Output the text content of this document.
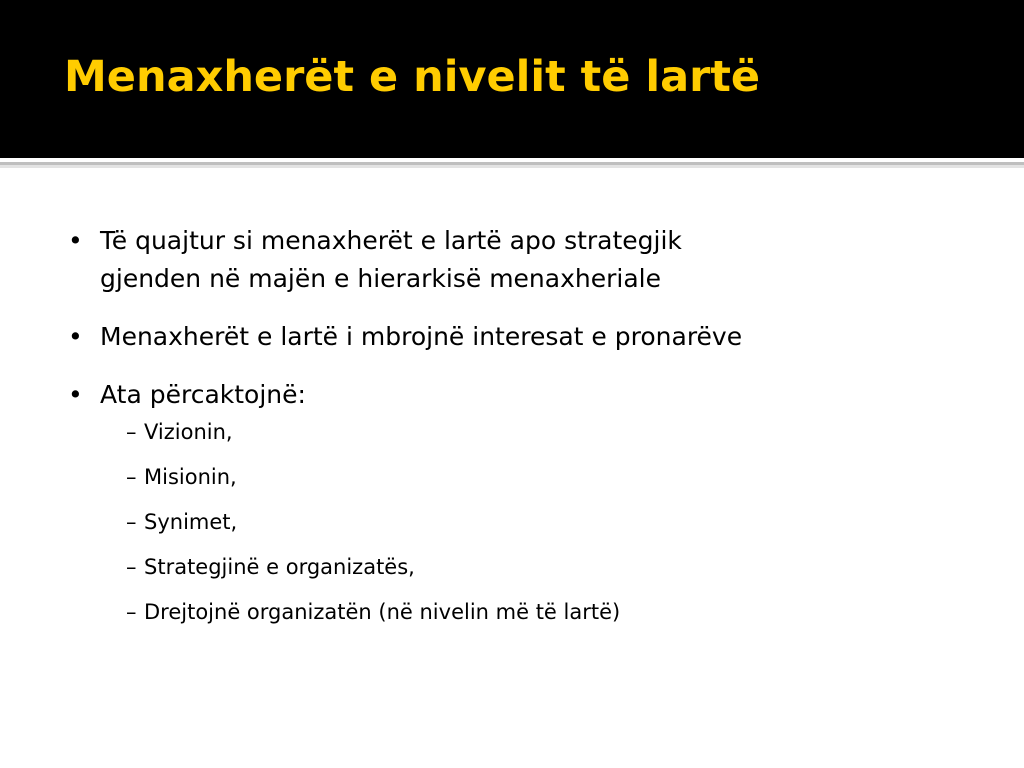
Menaxherët e nivelit të lartë
• Të quajtur si menaxherët e lartë apo strategjik
gjenden në majën e hierarkisë menaxheriale
• Menaxherët e lartë i mbrojnë interesat e pronarëve
• Ata përcaktojnë:
– Vizionin,
– Misionin,
– Synimet,
– Strategjinë e organizatës,
– Drejtojnë organizatën (në nivelin më të lartë)
